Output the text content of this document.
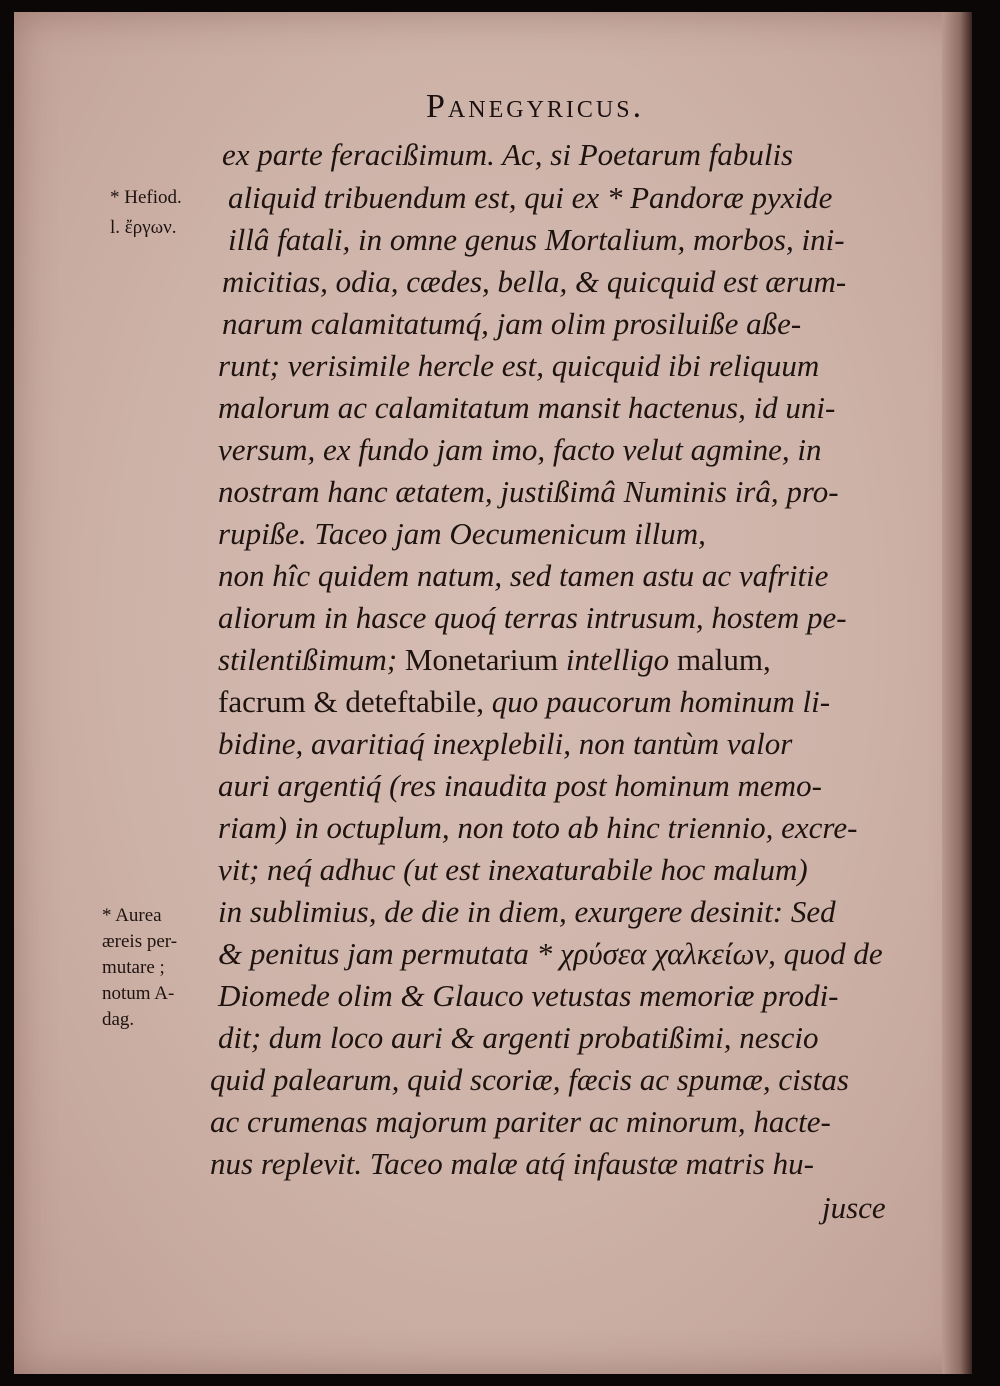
Panegyricus.
ex parte feracißimum. Ac, si Poetarum fabulis
aliquid tribuendum est, qui ex * Pandoræ pyxide
illâ fatali, in omne genus Mortalium, morbos, ini-
micitias, odia, cædes, bella, & quicquid est ærum-
narum calamitatumq́, jam olim prosiluiße aße-
runt; verisimile hercle est, quicquid ibi reliquum
malorum ac calamitatum mansit hactenus, id uni-
versum, ex fundo jam imo, facto velut agmine, in
nostram hanc ætatem, justißimâ Numinis irâ, pro-
rupiße. Taceo jam Oecumenicum illum,
non hîc quidem natum, sed tamen astu ac vafritie
aliorum in hasce quoq́ terras intrusum, hostem pe-
stilentißimum; Monetarium intelligo malum,
facrum & deteftabile, quo paucorum hominum li-
bidine, avaritiaq́ inexplebili, non tantùm valor
auri argentiq́ (res inaudita post hominum memo-
riam) in octuplum, non toto ab hinc triennio, excre-
vit; neq́ adhuc (ut est inexaturabile hoc malum)
in sublimius, de die in diem, exurgere desinit: Sed
& penitus jam permutata * χρύσεα χαλκείων, quod de
Diomede olim & Glauco vetustas memoriæ prodi-
dit; dum loco auri & argenti probatißimi, nescio
quid palearum, quid scoriæ, fæcis ac spumæ, cistas
ac crumenas majorum pariter ac minorum, hacte-
nus replevit. Taceo malæ atq́ infaustæ matris hu-
jusce
* Hefiod.
l. ἔργων.
* Aurea
æreis per-
mutare ;
notum A-
dag.
